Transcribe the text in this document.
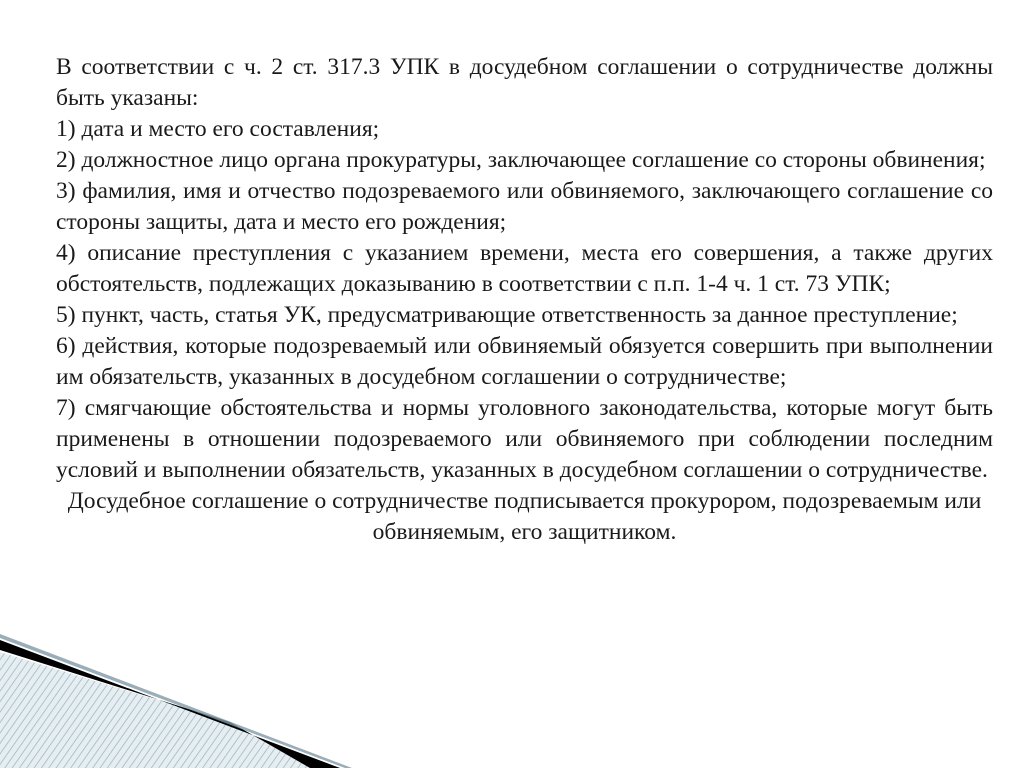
В соответствии с ч. 2 ст. 317.3 УПК в досудебном соглашении о сотрудничестве должны быть указаны:

1) дата и место его составления;

2) должностное лицо органа прокуратуры, заключающее соглашение со стороны обвинения;

3) фамилия, имя и отчество подозреваемого или обвиняемого, заключающего соглашение со стороны защиты, дата и место его рождения;

4) описание преступления с указанием времени, места его совершения, а также других обстоятельств, подлежащих доказыванию в соответствии с п.п. 1-4 ч. 1 ст. 73 УПК;

5) пункт, часть, статья УК, предусматривающие ответственность за данное преступление;

6) действия, которые подозреваемый или обвиняемый обязуется совершить при выполнении им обязательств, указанных в досудебном соглашении о сотрудничестве;

7) смягчающие обстоятельства и нормы уголовного законодательства, которые могут быть применены в отношении подозреваемого или обвиняемого при соблюдении последним условий и выполнении обязательств, указанных в досудебном соглашении о сотрудничестве.

Досудебное соглашение о сотрудничестве подписывается прокурором, подозреваемым или обвиняемым, его защитником.
